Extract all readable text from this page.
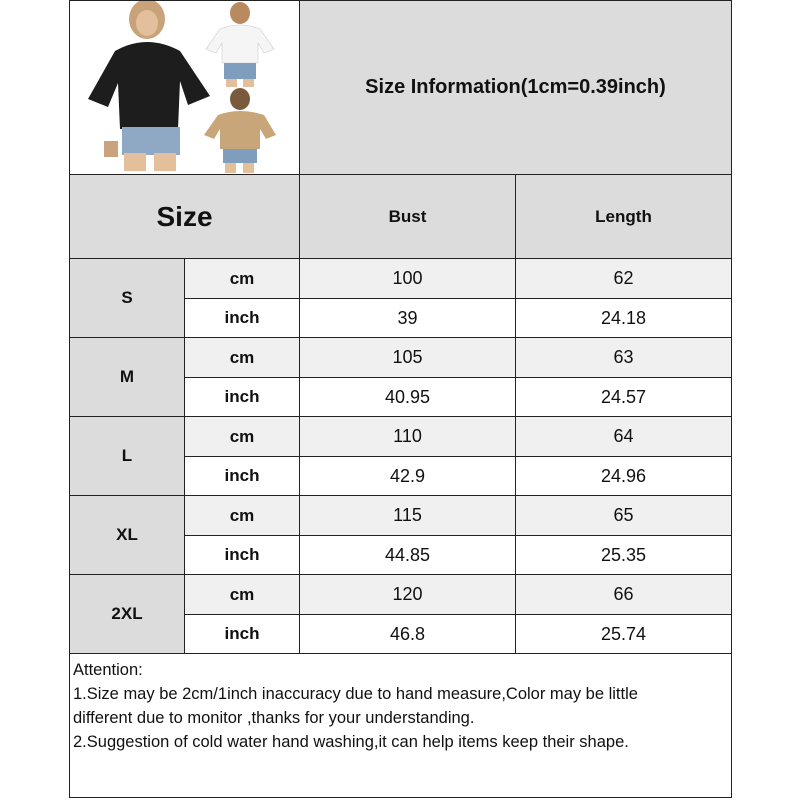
Size Information(1cm=0.39inch)
Size	Bust	Length
S
cm	100	62
inch	39	24.18
M
cm	105	63
inch	40.95	24.57
L
cm	110	64
inch	42.9	24.96
XL
cm	115	65
inch	44.85	25.35
2XL
cm	120	66
inch	46.8	25.74
Attention:
1.Size may be 2cm/1inch inaccuracy due to hand measure,Color may be little
different due to monitor ,thanks for your understanding.
2.Suggestion of cold water hand washing,it can help items keep their shape.
